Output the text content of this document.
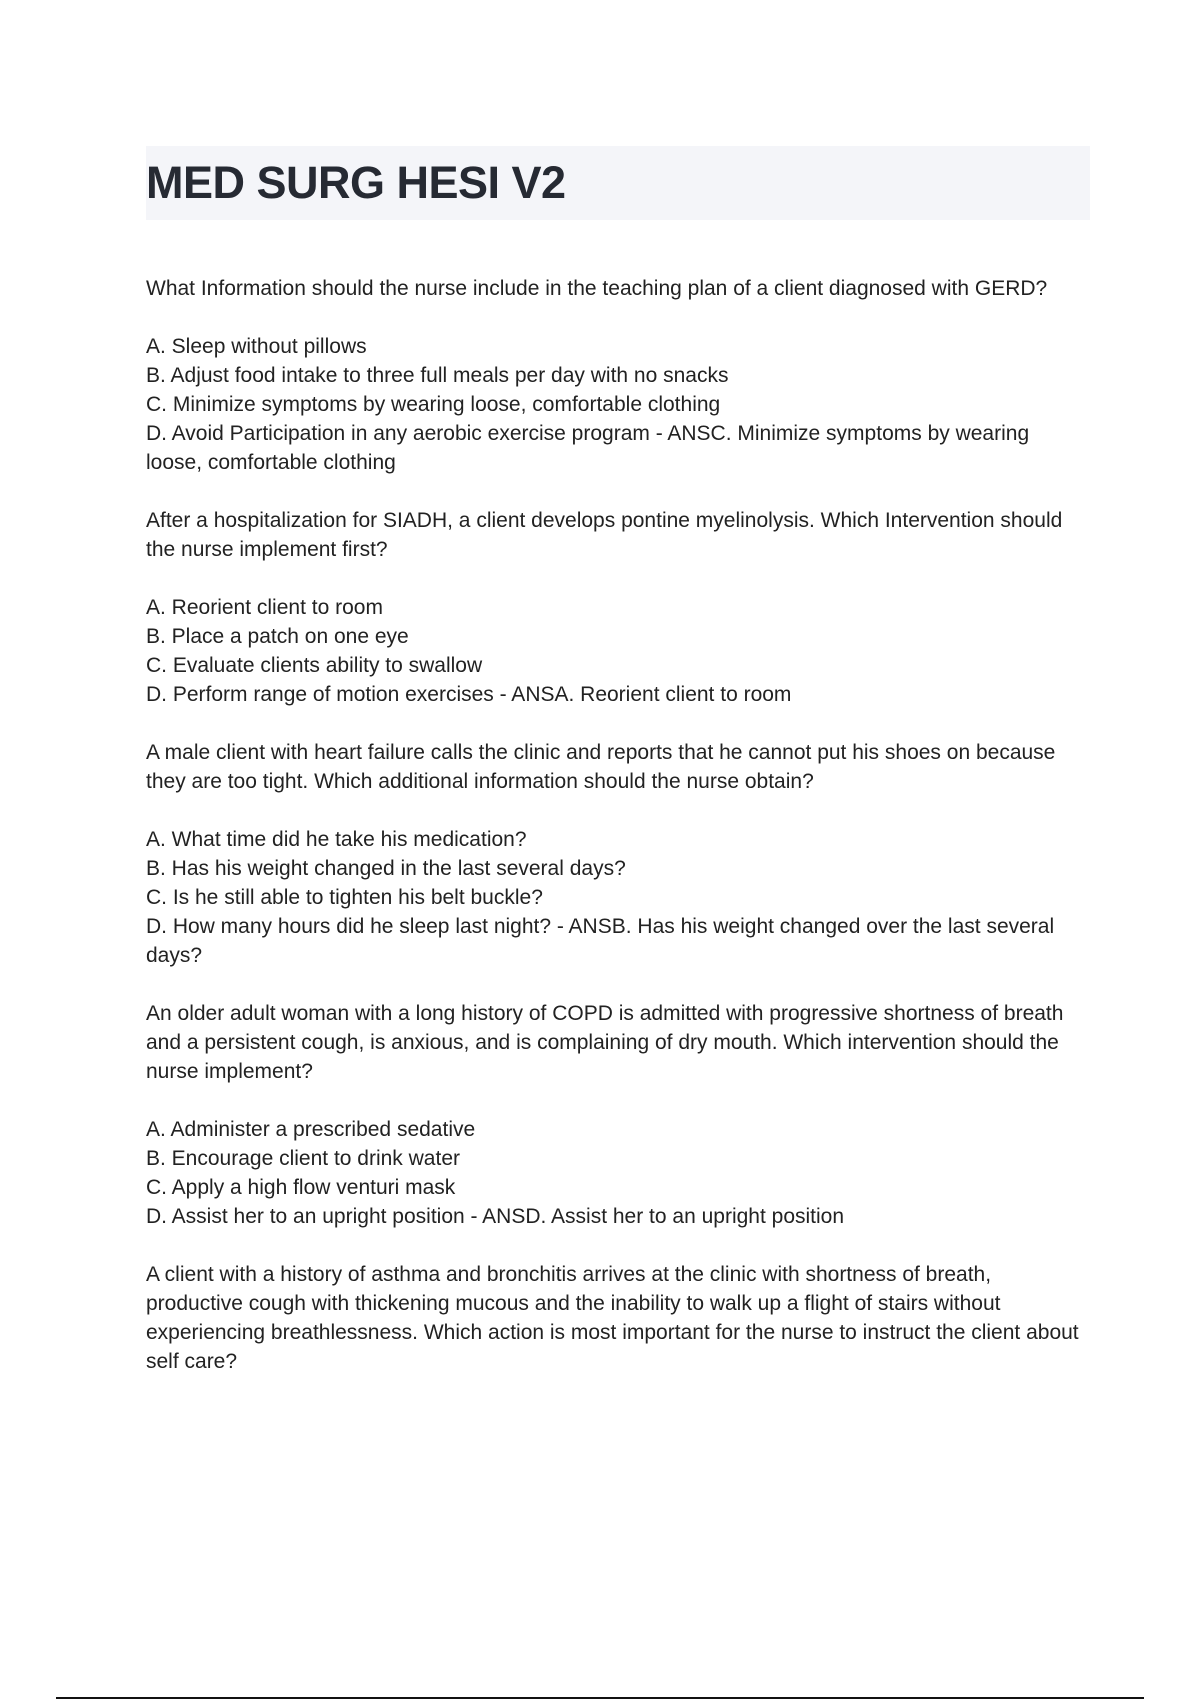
MED SURG HESI V2

What Information should the nurse include in the teaching plan of a client diagnosed with GERD?

A. Sleep without pillows
B. Adjust food intake to three full meals per day with no snacks
C. Minimize symptoms by wearing loose, comfortable clothing
D. Avoid Participation in any aerobic exercise program - ANSC. Minimize symptoms by wearing loose, comfortable clothing

After a hospitalization for SIADH, a client develops pontine myelinolysis. Which Intervention should the nurse implement first?

A. Reorient client to room
B. Place a patch on one eye
C. Evaluate clients ability to swallow
D. Perform range of motion exercises - ANSA. Reorient client to room

A male client with heart failure calls the clinic and reports that he cannot put his shoes on because they are too tight. Which additional information should the nurse obtain?

A. What time did he take his medication?
B. Has his weight changed in the last several days?
C. Is he still able to tighten his belt buckle?
D. How many hours did he sleep last night? - ANSB. Has his weight changed over the last several days?

An older adult woman with a long history of COPD is admitted with progressive shortness of breath and a persistent cough, is anxious, and is complaining of dry mouth. Which intervention should the nurse implement?

A. Administer a prescribed sedative
B. Encourage client to drink water
C. Apply a high flow venturi mask
D. Assist her to an upright position - ANSD. Assist her to an upright position

A client with a history of asthma and bronchitis arrives at the clinic with shortness of breath, productive cough with thickening mucous and the inability to walk up a flight of stairs without experiencing breathlessness. Which action is most important for the nurse to instruct the client about self care?
